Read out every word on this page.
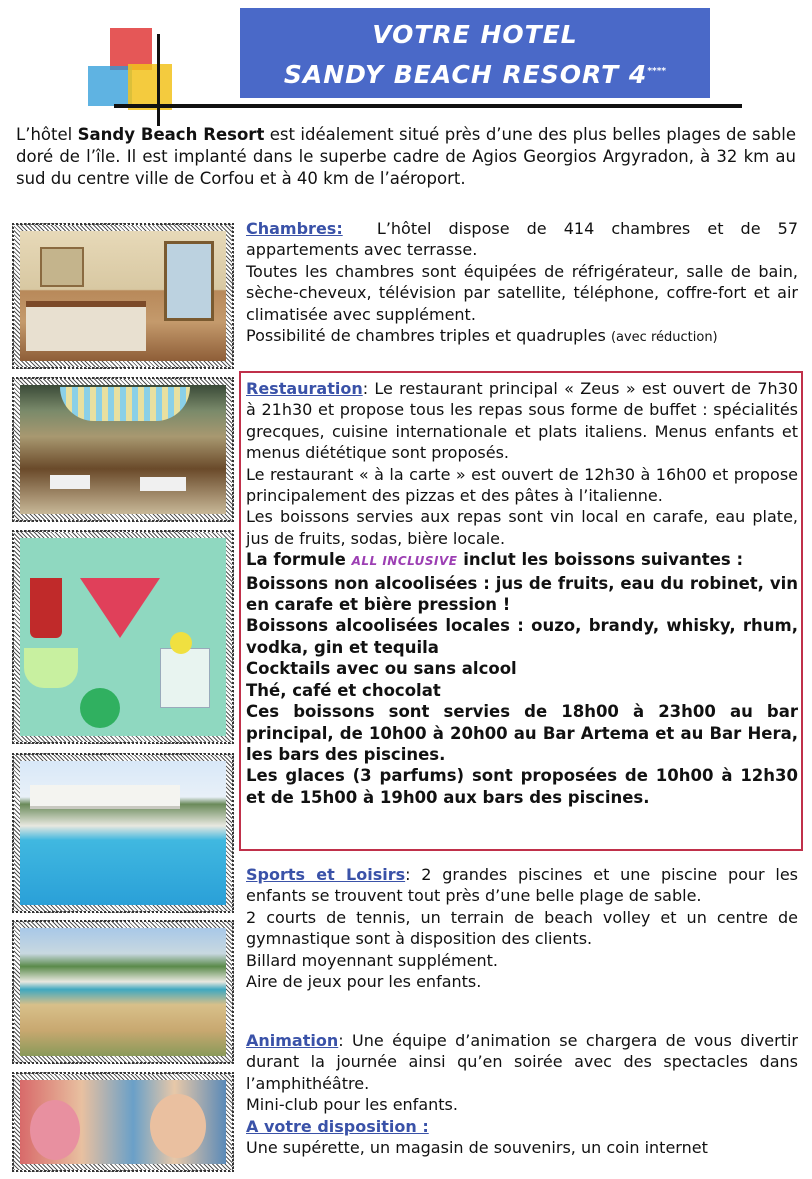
VOTRE HOTEL
SANDY BEACH RESORT 4****

L’hôtel Sandy Beach Resort est idéalement situé près d’une des plus belles plages de sable doré de l’île. Il est implanté dans le superbe cadre de Agios Georgios Argyradon, à 32 km au sud du centre ville de Corfou et à 40 km de l’aéroport.

Chambres: L’hôtel dispose de 414 chambres et de 57 appartements avec terrasse.

Toutes les chambres sont équipées de réfrigérateur, salle de bain, sèche-cheveux, télévision par satellite, téléphone, coffre-fort et air climatisée avec supplément.

Possibilité de chambres triples et quadruples (avec réduction)

Restauration: Le restaurant principal « Zeus » est ouvert de 7h30 à 21h30 et propose tous les repas sous forme de buffet : spécialités grecques, cuisine internationale et plats italiens. Menus enfants et menus diététique sont proposés.

Le restaurant « à la carte » est ouvert de 12h30 à 16h00 et propose principalement des pizzas et des pâtes à l’italienne.

Les boissons servies aux repas sont vin local en carafe, eau plate, jus de fruits, sodas, bière locale.

La formule ALL INCLUSIVE inclut les boissons suivantes :

Boissons non alcoolisées : jus de fruits, eau du robinet, vin en carafe et bière pression !

Boissons alcoolisées locales : ouzo, brandy, whisky, rhum, vodka, gin et tequila

Cocktails avec ou sans alcool

Thé, café et chocolat

Ces boissons sont servies de 18h00 à 23h00 au bar principal, de 10h00 à 20h00 au Bar Artema et au Bar Hera, les bars des piscines.

Les glaces (3 parfums) sont proposées de 10h00 à 12h30 et de 15h00 à 19h00 aux bars des piscines.

Sports et Loisirs: 2 grandes piscines et une piscine pour les enfants se trouvent tout près d’une belle plage de sable.

2 courts de tennis, un terrain de beach volley et un centre de gymnastique sont à disposition des clients.

Billard moyennant supplément.

Aire de jeux pour les enfants.

Animation: Une équipe d’animation se chargera de vous divertir durant la journée ainsi qu’en soirée avec des spectacles dans l’amphithéâtre.

Mini-club pour les enfants.

A votre disposition :

Une supérette, un magasin de souvenirs, un coin internet
